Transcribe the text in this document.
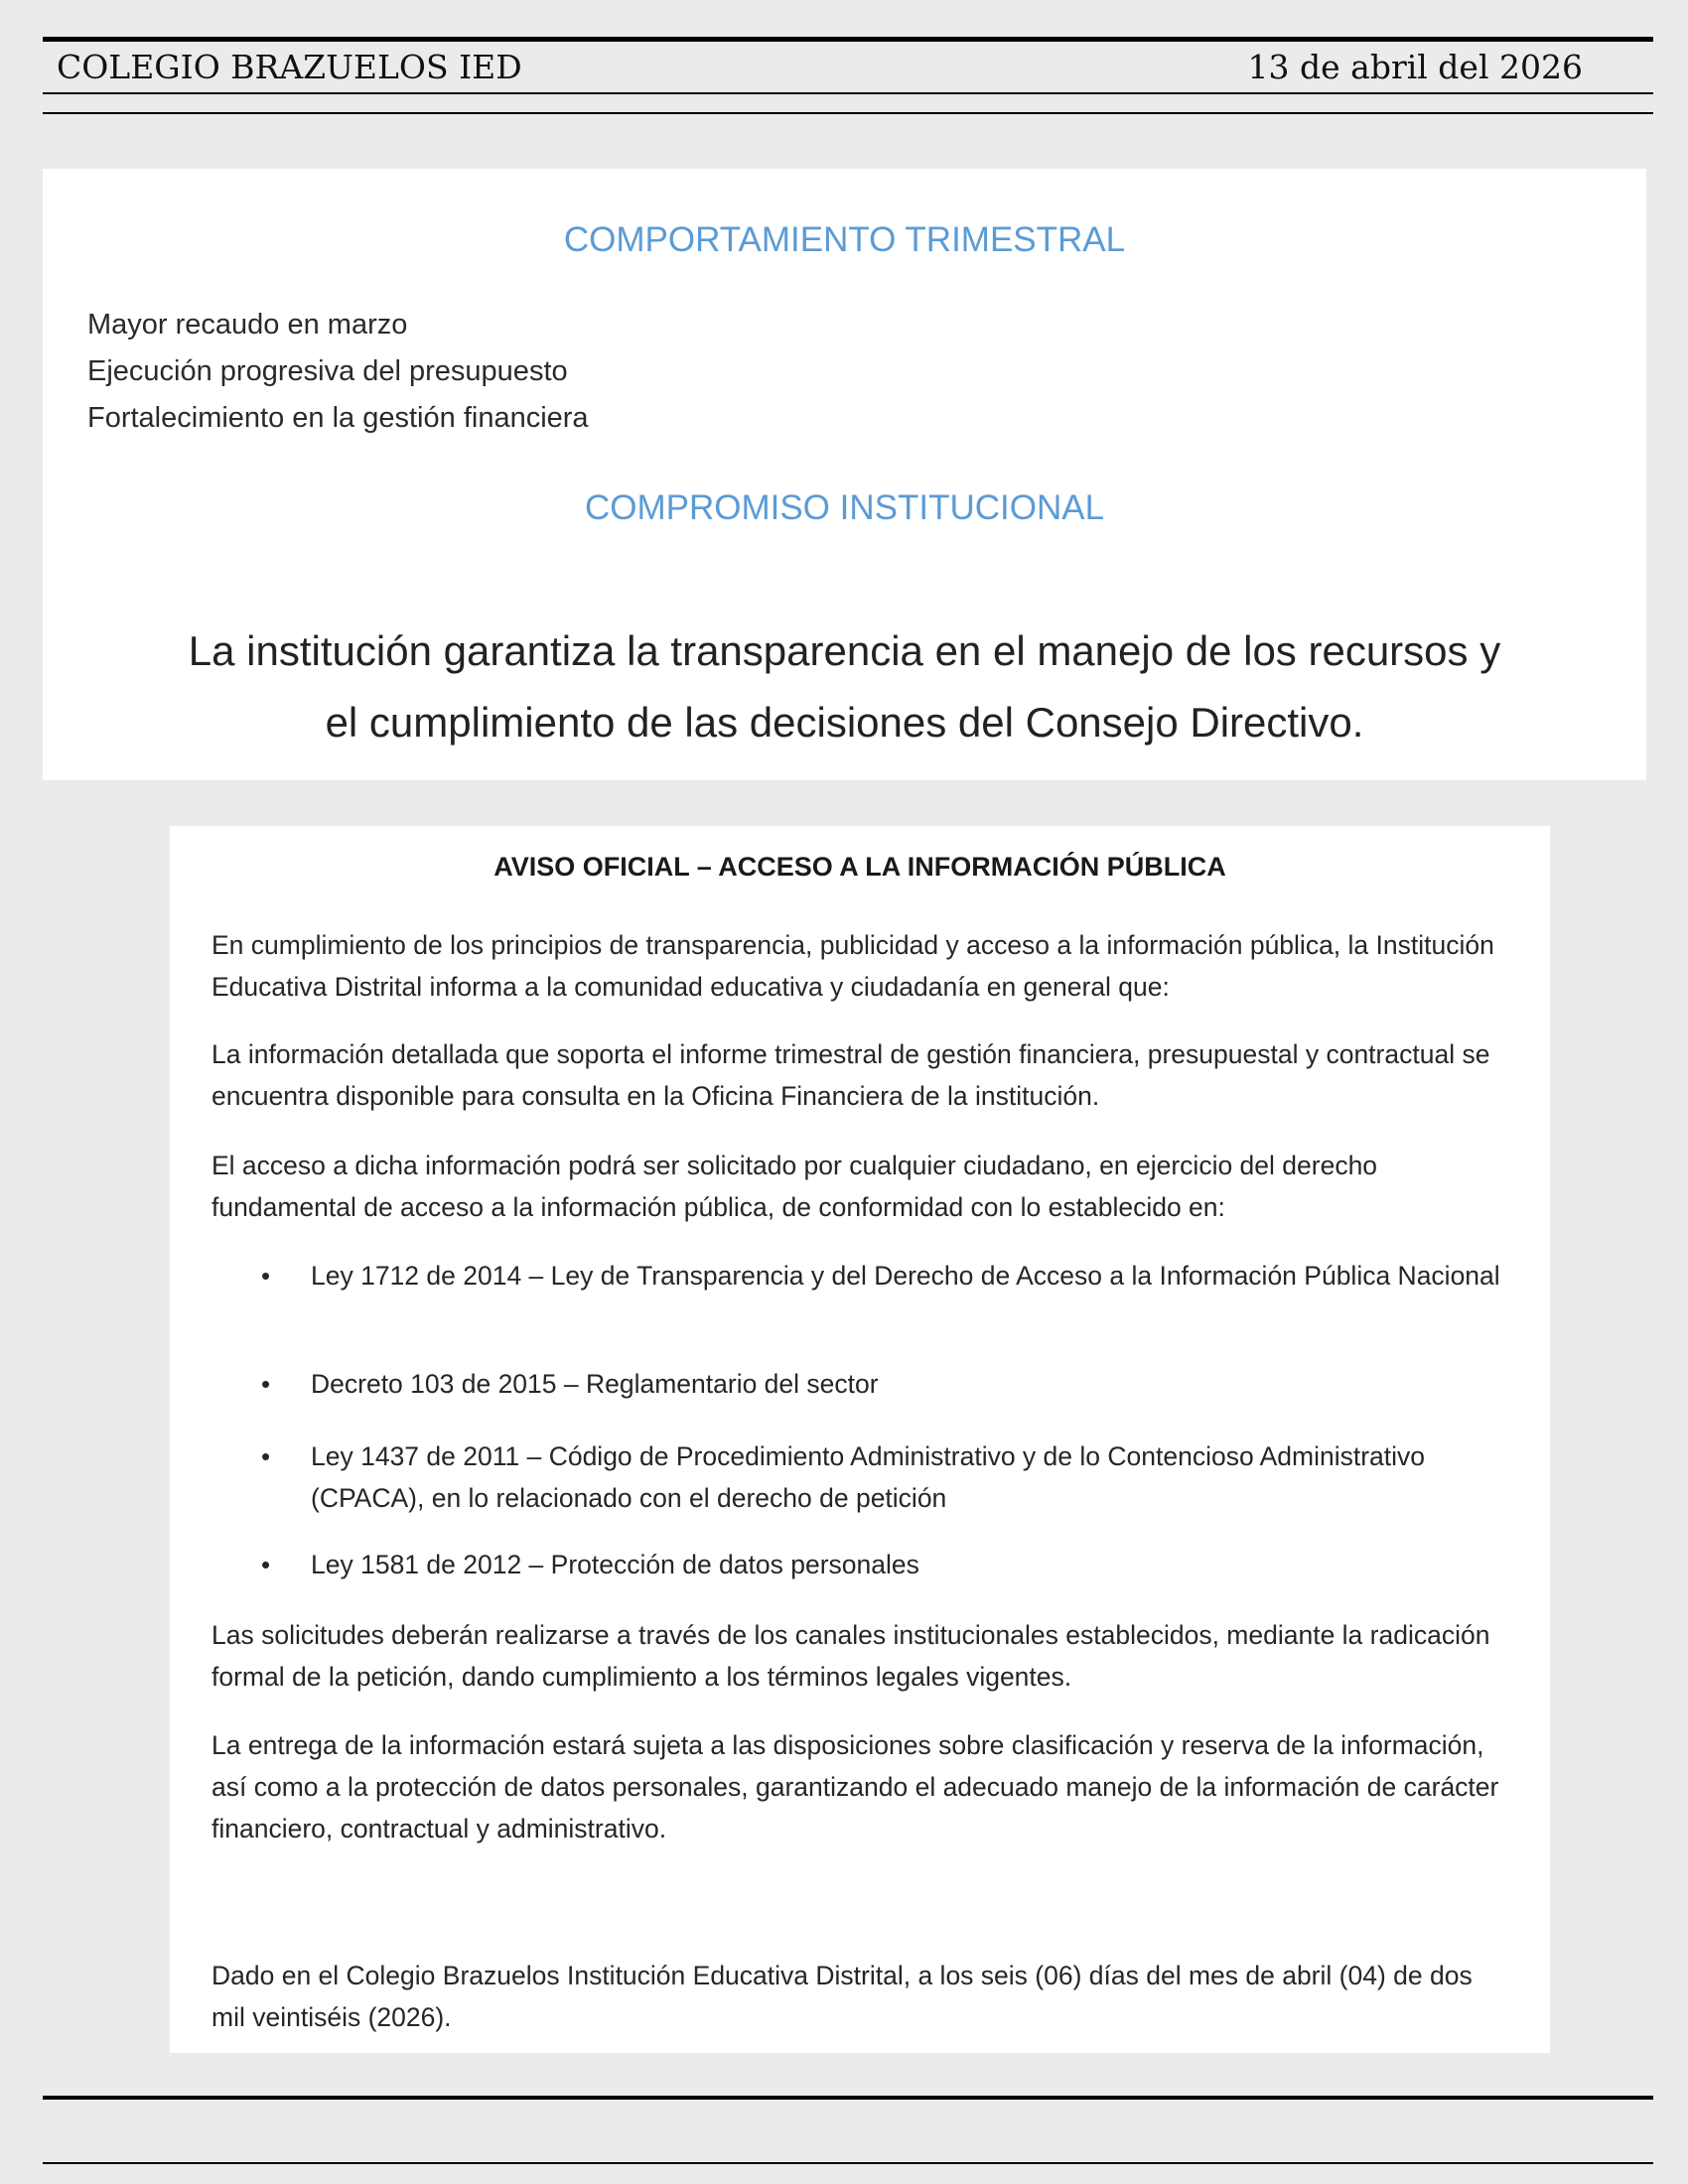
COLEGIO BRAZUELOS IED	13 de abril del 2026
COMPORTAMIENTO TRIMESTRAL
Mayor recaudo en marzo
Ejecución progresiva del presupuesto
Fortalecimiento en la gestión financiera
COMPROMISO INSTITUCIONAL
La institución garantiza la transparencia en el manejo de los recursos y
el cumplimiento de las decisiones del Consejo Directivo.
AVISO OFICIAL – ACCESO A LA INFORMACIÓN PÚBLICA

En cumplimiento de los principios de transparencia, publicidad y acceso a la información pública, la Institución Educativa Distrital informa a la comunidad educativa y ciudadanía en general que:

La información detallada que soporta el informe trimestral de gestión financiera, presupuestal y contractual se encuentra disponible para consulta en la Oficina Financiera de la institución.

El acceso a dicha información podrá ser solicitado por cualquier ciudadano, en ejercicio del derecho fundamental de acceso a la información pública, de conformidad con lo establecido en:

• Ley 1712 de 2014 – Ley de Transparencia y del Derecho de Acceso a la Información Pública Nacional
• Decreto 103 de 2015 – Reglamentario del sector
• Ley 1437 de 2011 – Código de Procedimiento Administrativo y de lo Contencioso Administrativo (CPACA), en lo relacionado con el derecho de petición
• Ley 1581 de 2012 – Protección de datos personales

Las solicitudes deberán realizarse a través de los canales institucionales establecidos, mediante la radicación formal de la petición, dando cumplimiento a los términos legales vigentes.

La entrega de la información estará sujeta a las disposiciones sobre clasificación y reserva de la información, así como a la protección de datos personales, garantizando el adecuado manejo de la información de carácter financiero, contractual y administrativo.

Dado en el Colegio Brazuelos Institución Educativa Distrital, a los seis (06) días del mes de abril (04) de dos mil veintiséis (2026).
